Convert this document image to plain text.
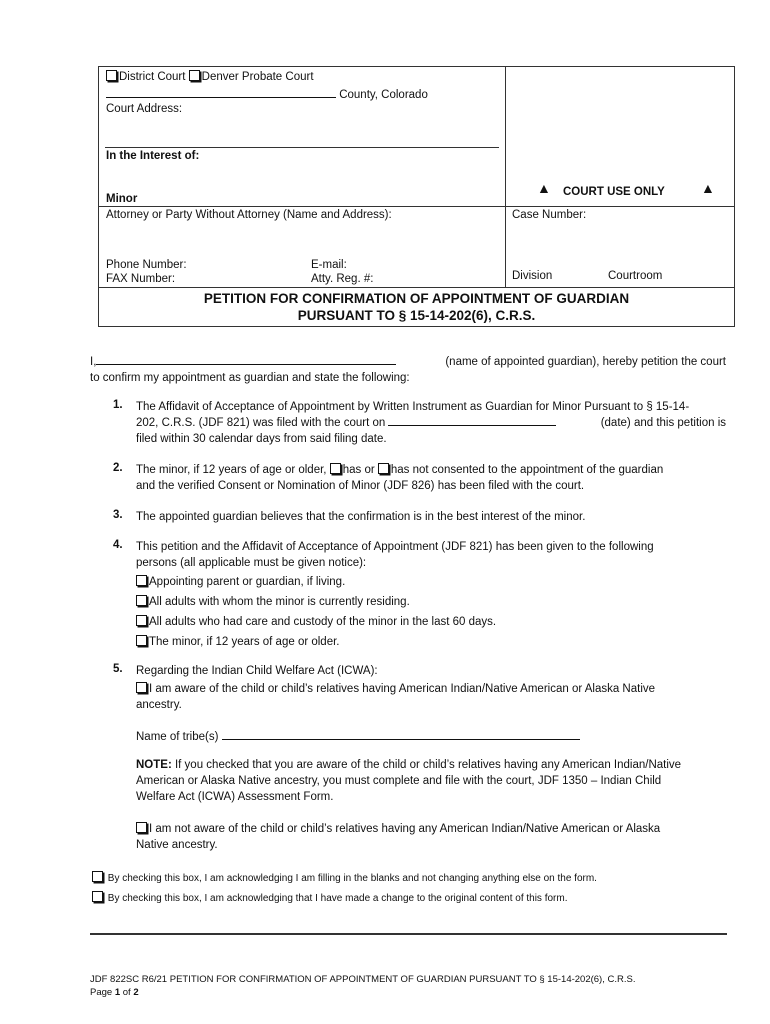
District Court Denver Probate Court
County, Colorado
Court Address:
In the Interest of:
Minor
▲ COURT USE ONLY	▲
Attorney or Party Without Attorney (Name and Address):	Case Number:
Phone Number:	E-mail:
FAX Number:	Atty. Reg. #:	Division	Courtroom
PETITION FOR CONFIRMATION OF APPOINTMENT OF GUARDIAN
PURSUANT TO § 15-14-202(6), C.R.S.
I,	(name of appointed guardian), hereby petition the court
to confirm my appointment as guardian and state the following:
1. The Affidavit of Acceptance of Appointment by Written Instrument as Guardian for Minor Pursuant to § 15-14-
202, C.R.S. (JDF 821) was filed with the court on	(date) and this petition is
filed within 30 calendar days from said filing date.
2. The minor, if 12 years of age or older, has or has not consented to the appointment of the guardian
and the verified Consent or Nomination of Minor (JDF 826) has been filed with the court.
3. The appointed guardian believes that the confirmation is in the best interest of the minor.
4. This petition and the Affidavit of Acceptance of Appointment (JDF 821) has been given to the following
persons (all applicable must be given notice):
Appointing parent or guardian, if living.
All adults with whom the minor is currently residing.
All adults who had care and custody of the minor in the last 60 days.
The minor, if 12 years of age or older.
5. Regarding the Indian Child Welfare Act (ICWA):
I am aware of the child or child’s relatives having American Indian/Native American or Alaska Native
ancestry.
Name of tribe(s)
NOTE: If you checked that you are aware of the child or child’s relatives having any American Indian/Native
American or Alaska Native ancestry, you must complete and file with the court, JDF 1350 – Indian Child
Welfare Act (ICWA) Assessment Form.
I am not aware of the child or child’s relatives having any American Indian/Native American or Alaska
Native ancestry.
By checking this box, I am acknowledging I am filling in the blanks and not changing anything else on the form.
By checking this box, I am acknowledging that I have made a change to the original content of this form.
JDF 822SC R6/21 PETITION FOR CONFIRMATION OF APPOINTMENT OF GUARDIAN PURSUANT TO § 15-14-202(6), C.R.S.
Page 1 of 2
